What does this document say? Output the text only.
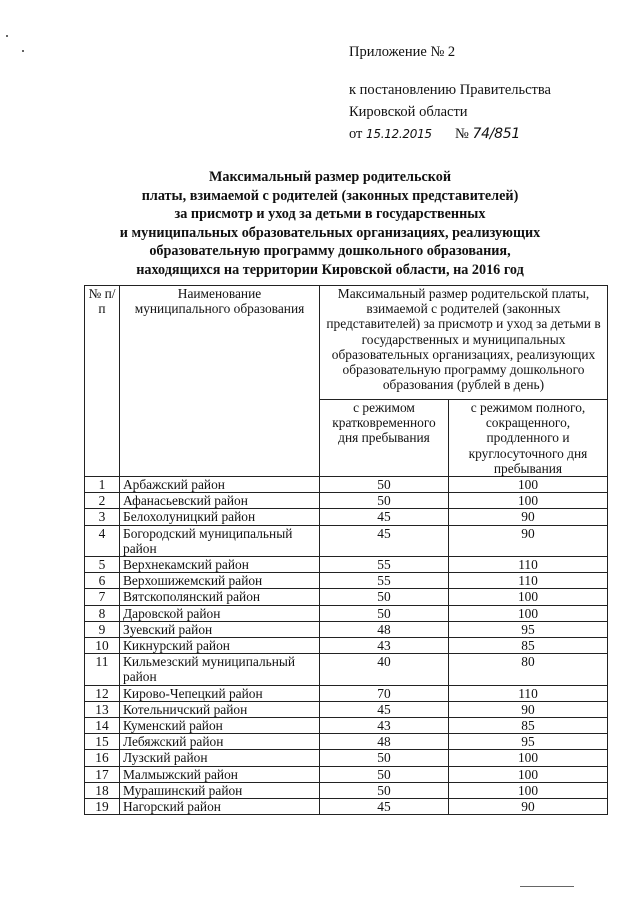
Приложение № 2
к постановлению Правительства
Кировской области
от 15.12.2015 № 74/851
Максимальный размер родительской
платы, взимаемой с родителей (законных представителей)
за присмотр и уход за детьми в государственных
и муниципальных образовательных организациях, реализующих
образовательную программу дошкольного образования,
находящихся на территории Кировской области, на 2016 год
№ п/п	Наименование муниципального образования	Максимальный размер родительской платы, взимаемой с родителей (законных представителей) за присмотр и уход за детьми в государственных и муниципальных образовательных организациях, реализующих образовательную программу дошкольного образования (рублей в день)	
		с режимом кратковременного дня пребывания	с режимом полного, сокращенного, продленного и круглосуточного дня пребывания
1	Арбажский район	50	100
2	Афанасьевский район	50	100
3	Белохолуницкий район	45	90
4	Богородский муниципальный район	45	90
5	Верхнекамский район	55	110
6	Верхошижемский район	55	110
7	Вятскополянский район	50	100
8	Даровской район	50	100
9	Зуевский район	48	95
10	Кикнурский район	43	85
11	Кильмезский муниципальный район	40	80
12	Кирово-Чепецкий район	70	110
13	Котельничский район	45	90
14	Куменский район	43	85
15	Лебяжский район	48	95
16	Лузский район	50	100
17	Малмыжский район	50	100
18	Мурашинский район	50	100
19	Нагорский район	45	90
